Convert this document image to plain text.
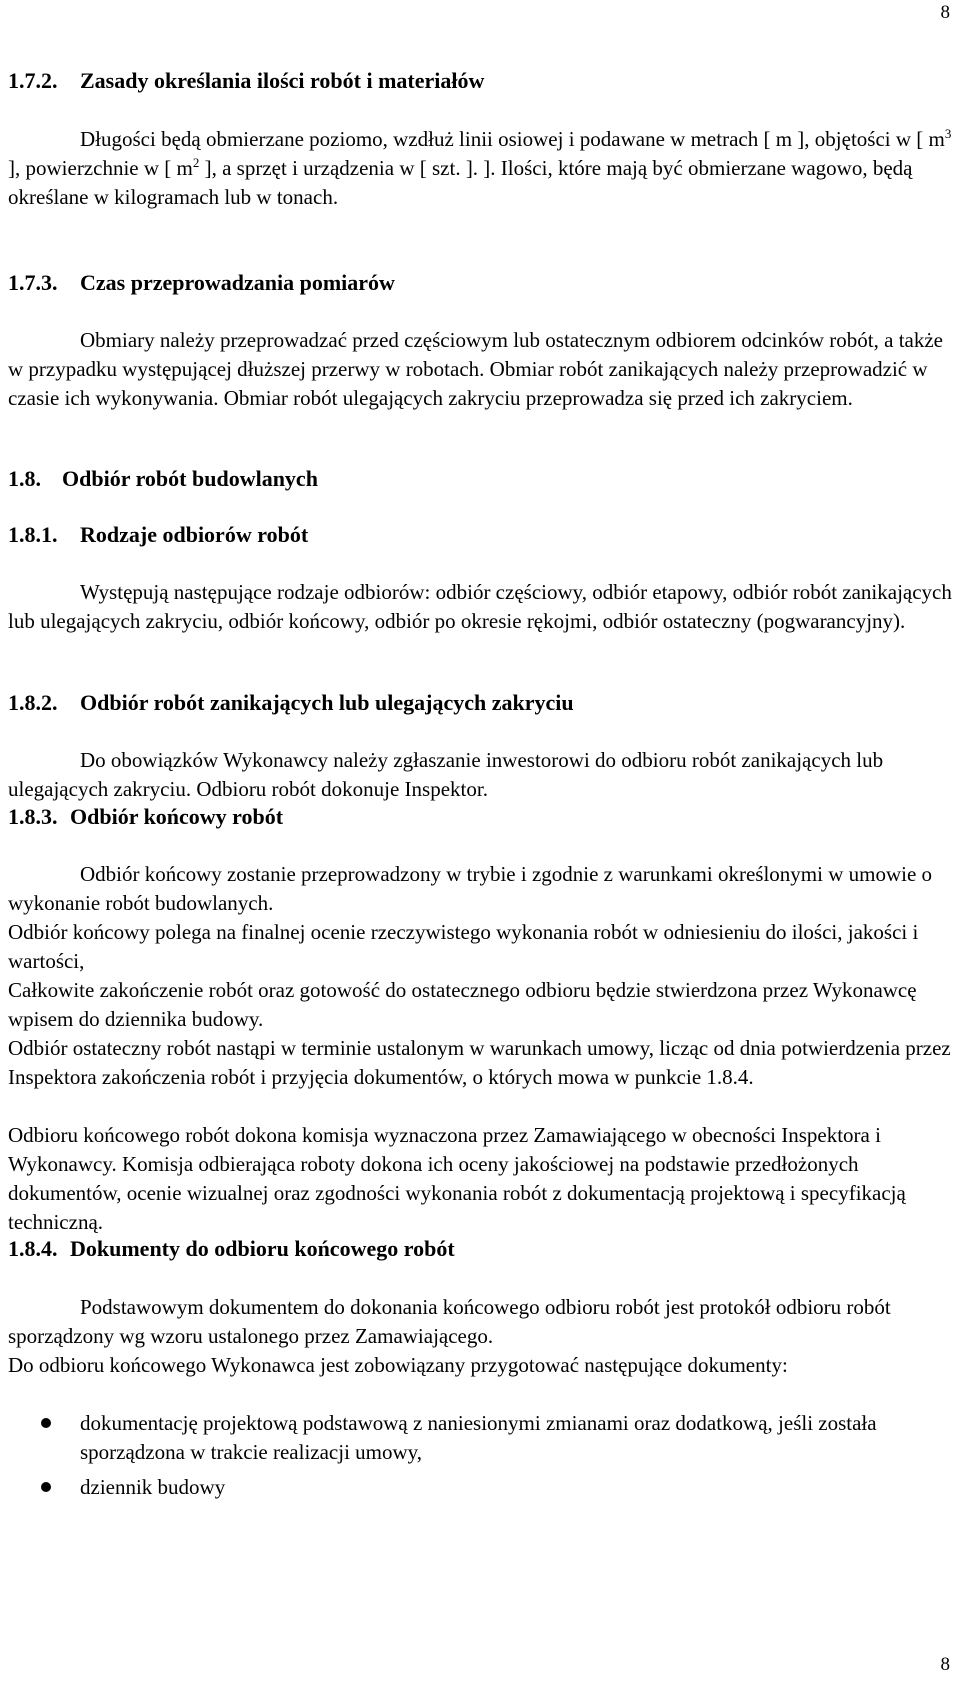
8
1.7.2. Zasady określania ilości robót i materiałów
Długości będą obmierzane poziomo, wzdłuż linii osiowej i podawane w metrach [ m ], objętości w [ $m^3$ ], powierzchnie w [ $m^2$ ], a sprzęt i urządzenia w [ szt. ]. ]. Ilości, które mają być obmierzane wagowo, będą określane w kilogramach lub w tonach.
1.7.3. Czas przeprowadzania pomiarów
Obmiary należy przeprowadzać przed częściowym lub ostatecznym odbiorem odcinków robót, a także w przypadku występującej dłuższej przerwy w robotach. Obmiar robót zanikających należy przeprowadzić w czasie ich wykonywania. Obmiar robót ulegających zakryciu przeprowadza się przed ich zakryciem.
1.8. Odbiór robót budowlanych
1.8.1. Rodzaje odbiorów robót
Występują następujące rodzaje odbiorów: odbiór częściowy, odbiór etapowy, odbiór robót zanikających lub ulegających zakryciu, odbiór końcowy, odbiór po okresie rękojmi, odbiór ostateczny (pogwarancyjny).
1.8.2. Odbiór robót zanikających lub ulegających zakryciu
Do obowiązków Wykonawcy należy zgłaszanie inwestorowi do odbioru robót zanikających lub ulegających zakryciu. Odbioru robót dokonuje Inspektor.
1.8.3. Odbiór końcowy robót
Odbiór końcowy zostanie przeprowadzony w trybie i zgodnie z warunkami określonymi w umowie o wykonanie robót budowlanych.
Odbiór końcowy polega na finalnej ocenie rzeczywistego wykonania robót w odniesieniu do ilości, jakości i wartości,
Całkowite zakończenie robót oraz gotowość do ostatecznego odbioru będzie stwierdzona przez Wykonawcę wpisem do dziennika budowy.
Odbiór ostateczny robót nastąpi w terminie ustalonym w warunkach umowy, licząc od dnia potwierdzenia przez Inspektora zakończenia robót i przyjęcia dokumentów, o których mowa w punkcie 1.8.4.
Odbioru końcowego robót dokona komisja wyznaczona przez Zamawiającego w obecności Inspektora i Wykonawcy. Komisja odbierająca roboty dokona ich oceny jakościowej na podstawie przedłożonych dokumentów, ocenie wizualnej oraz zgodności wykonania robót z dokumentacją projektową i specyfikacją techniczną.
1.8.4. Dokumenty do odbioru końcowego robót
Podstawowym dokumentem do dokonania końcowego odbioru robót jest protokół odbioru robót sporządzony wg wzoru ustalonego przez Zamawiającego.
Do odbioru końcowego Wykonawca jest zobowiązany przygotować następujące dokumenty:
dokumentację projektową podstawową z naniesionymi zmianami oraz dodatkową, jeśli została sporządzona w trakcie realizacji umowy,
dziennik budowy
8
